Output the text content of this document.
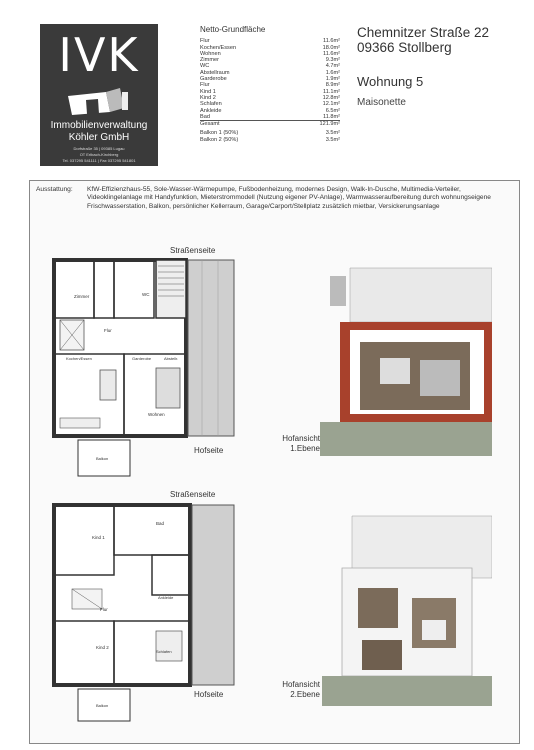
IVK
Immobilienverwaltung
Köhler GmbH
Dorfstraße 35 | 09385 Lugau
OT Erlbach-Kirchberg
Tel. 037295 541111 | Fax 037295 541801
Netto-Grundfläche
Flur	11.6m²
Kochen/Essen	18.0m²
Wohnen	11.6m²
Zimmer	9.3m²
WC	4.7m²
Abstellraum	1.6m²
Garderobe	1.9m²
Flur	8.9m²
Kind 1	11.1m²
Kind 2	12.8m²
Schlafen	12.1m²
Ankleide	6.5m²
Bad	11.8m²
Gesamt	121.9m²
Balkon 1 (50%)	3.5m²
Balkon 2 (50%)	3.5m²
Chemnitzer Straße 22
09366 Stollberg
Wohnung 5
Maisonette
Ausstattung: KfW-Effizienzhaus-55, Sole-Wasser-Wärmepumpe, Fußbodenheizung, modernes Design, Walk-In-Dusche, Multimedia-Verteiler, Videoklingelanlage mit Handyfunktion, Mieterstrommodell (Nutzung eigener PV-Anlage), Warmwasseraufbereitung durch wohnungseigene Frischwasserstation, Balkon, persönlicher Kellerraum, Garage/Carport/Stellplatz zusätzlich mietbar, Versickerungsanlage
Straßenseite
Zimmer	WC
Flur
Kochen/Essen	Garderobe	Abstellr.
Wohnen
Balkon
Hofseite
Hofansicht
1.Ebene
Straßenseite
Kind 1
Bad
Ankleide
Flur
Kind 2
Schlafen
Balkon
Hofseite
Hofansicht
2.Ebene
